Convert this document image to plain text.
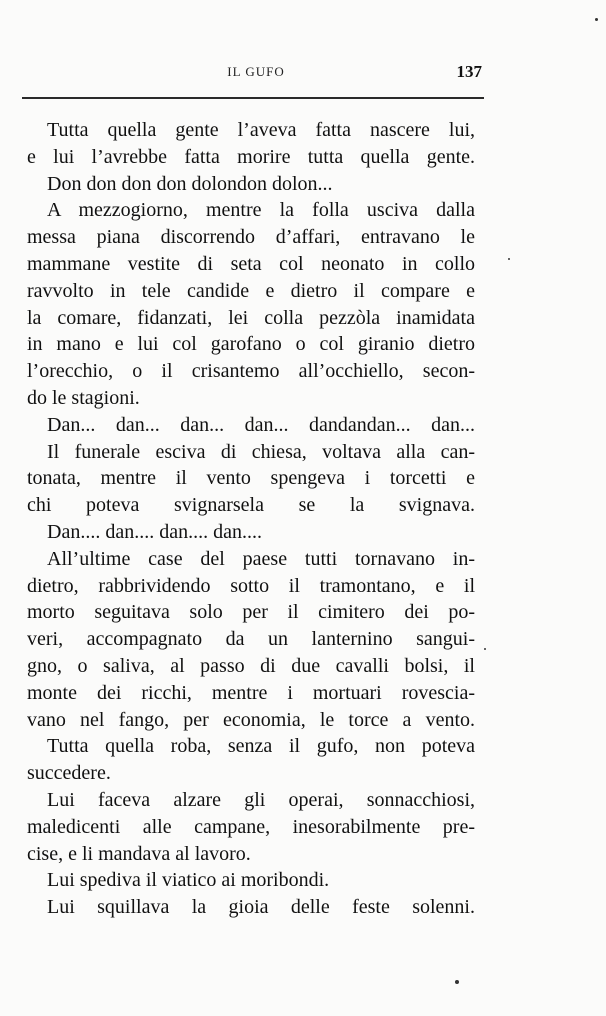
IL GUFO	137
Tutta quella gente l’aveva fatta nascere lui,
e lui l’avrebbe fatta morire tutta quella gente.
Don don don don dolondon dolon...
A mezzogiorno, mentre la folla usciva dalla
messa piana discorrendo d’affari, entravano le
mammane vestite di seta col neonato in collo
ravvolto in tele candide e dietro il compare e
la comare, fidanzati, lei colla pezzòla inamidata
in mano e lui col garofano o col giranio dietro
l’orecchio, o il crisantemo all’occhiello, secon-
do le stagioni.
Dan... dan... dan... dan... dandandan... dan...
Il funerale esciva di chiesa, voltava alla can-
tonata, mentre il vento spengeva i torcetti e
chi poteva svignarsela se la svignava.
Dan.... dan.... dan.... dan....
All’ultime case del paese tutti tornavano in-
dietro, rabbrividendo sotto il tramontano, e il
morto seguitava solo per il cimitero dei po-
veri, accompagnato da un lanternino sangui-
gno, o saliva, al passo di due cavalli bolsi, il
monte dei ricchi, mentre i mortuari rovescia-
vano nel fango, per economia, le torce a vento.
Tutta quella roba, senza il gufo, non poteva
succedere.
Lui faceva alzare gli operai, sonnacchiosi,
maledicenti alle campane, inesorabilmente pre-
cise, e li mandava al lavoro.
Lui spediva il viatico ai moribondi.
Lui squillava la gioia delle feste solenni.
